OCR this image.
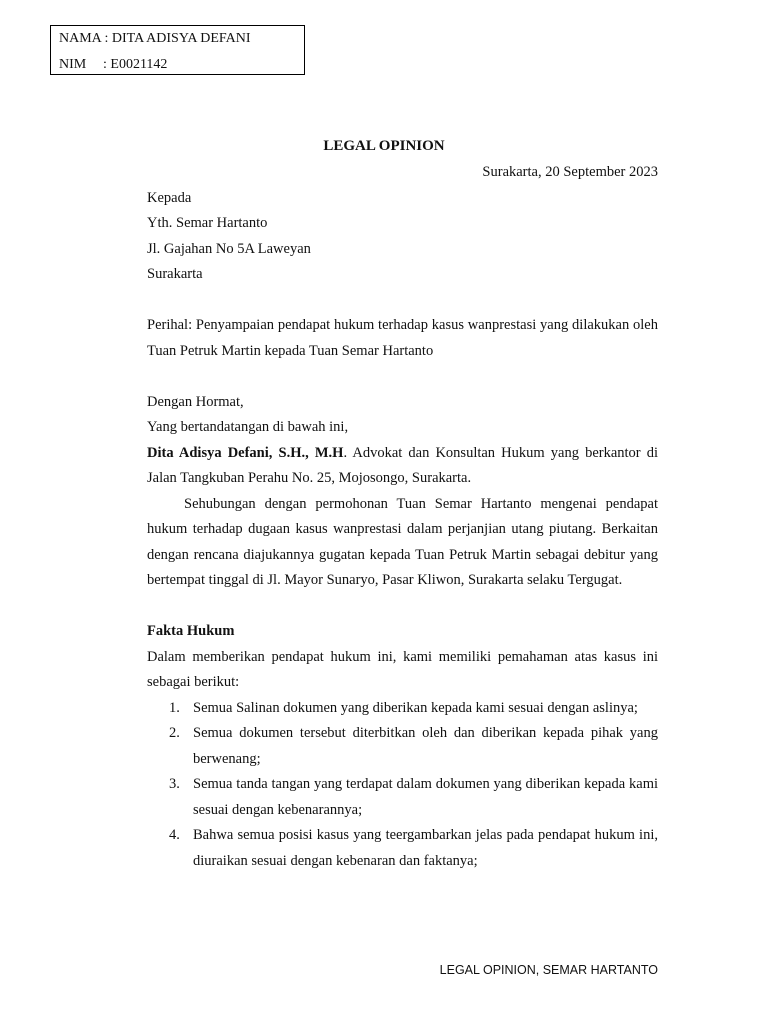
NAMA : DITA ADISYA DEFANI
NIM : E0021142
LEGAL OPINION

Surakarta, 20 September 2023

Kepada
Yth. Semar Hartanto
Jl. Gajahan No 5A Laweyan
Surakarta

Perihal: Penyampaian pendapat hukum terhadap kasus wanprestasi yang dilakukan oleh Tuan Petruk Martin kepada Tuan Semar Hartanto

Dengan Hormat,
Yang bertandatangan di bawah ini,

Dita Adisya Defani, S.H., M.H. Advokat dan Konsultan Hukum yang berkantor di Jalan Tangkuban Perahu No. 25, Mojosongo, Surakarta.

Sehubungan dengan permohonan Tuan Semar Hartanto mengenai pendapat hukum terhadap dugaan kasus wanprestasi dalam perjanjian utang piutang. Berkaitan dengan rencana diajukannya gugatan kepada Tuan Petruk Martin sebagai debitur yang bertempat tinggal di Jl. Mayor Sunaryo, Pasar Kliwon, Surakarta selaku Tergugat.

Fakta Hukum

Dalam memberikan pendapat hukum ini, kami memiliki pemahaman atas kasus ini sebagai berikut:

1. Semua Salinan dokumen yang diberikan kepada kami sesuai dengan aslinya;
2. Semua dokumen tersebut diterbitkan oleh dan diberikan kepada pihak yang berwenang;
3. Semua tanda tangan yang terdapat dalam dokumen yang diberikan kepada kami sesuai dengan kebenarannya;
4. Bahwa semua posisi kasus yang teergambarkan jelas pada pendapat hukum ini, diuraikan sesuai dengan kebenaran dan faktanya;
LEGAL OPINION, SEMAR HARTANTO
